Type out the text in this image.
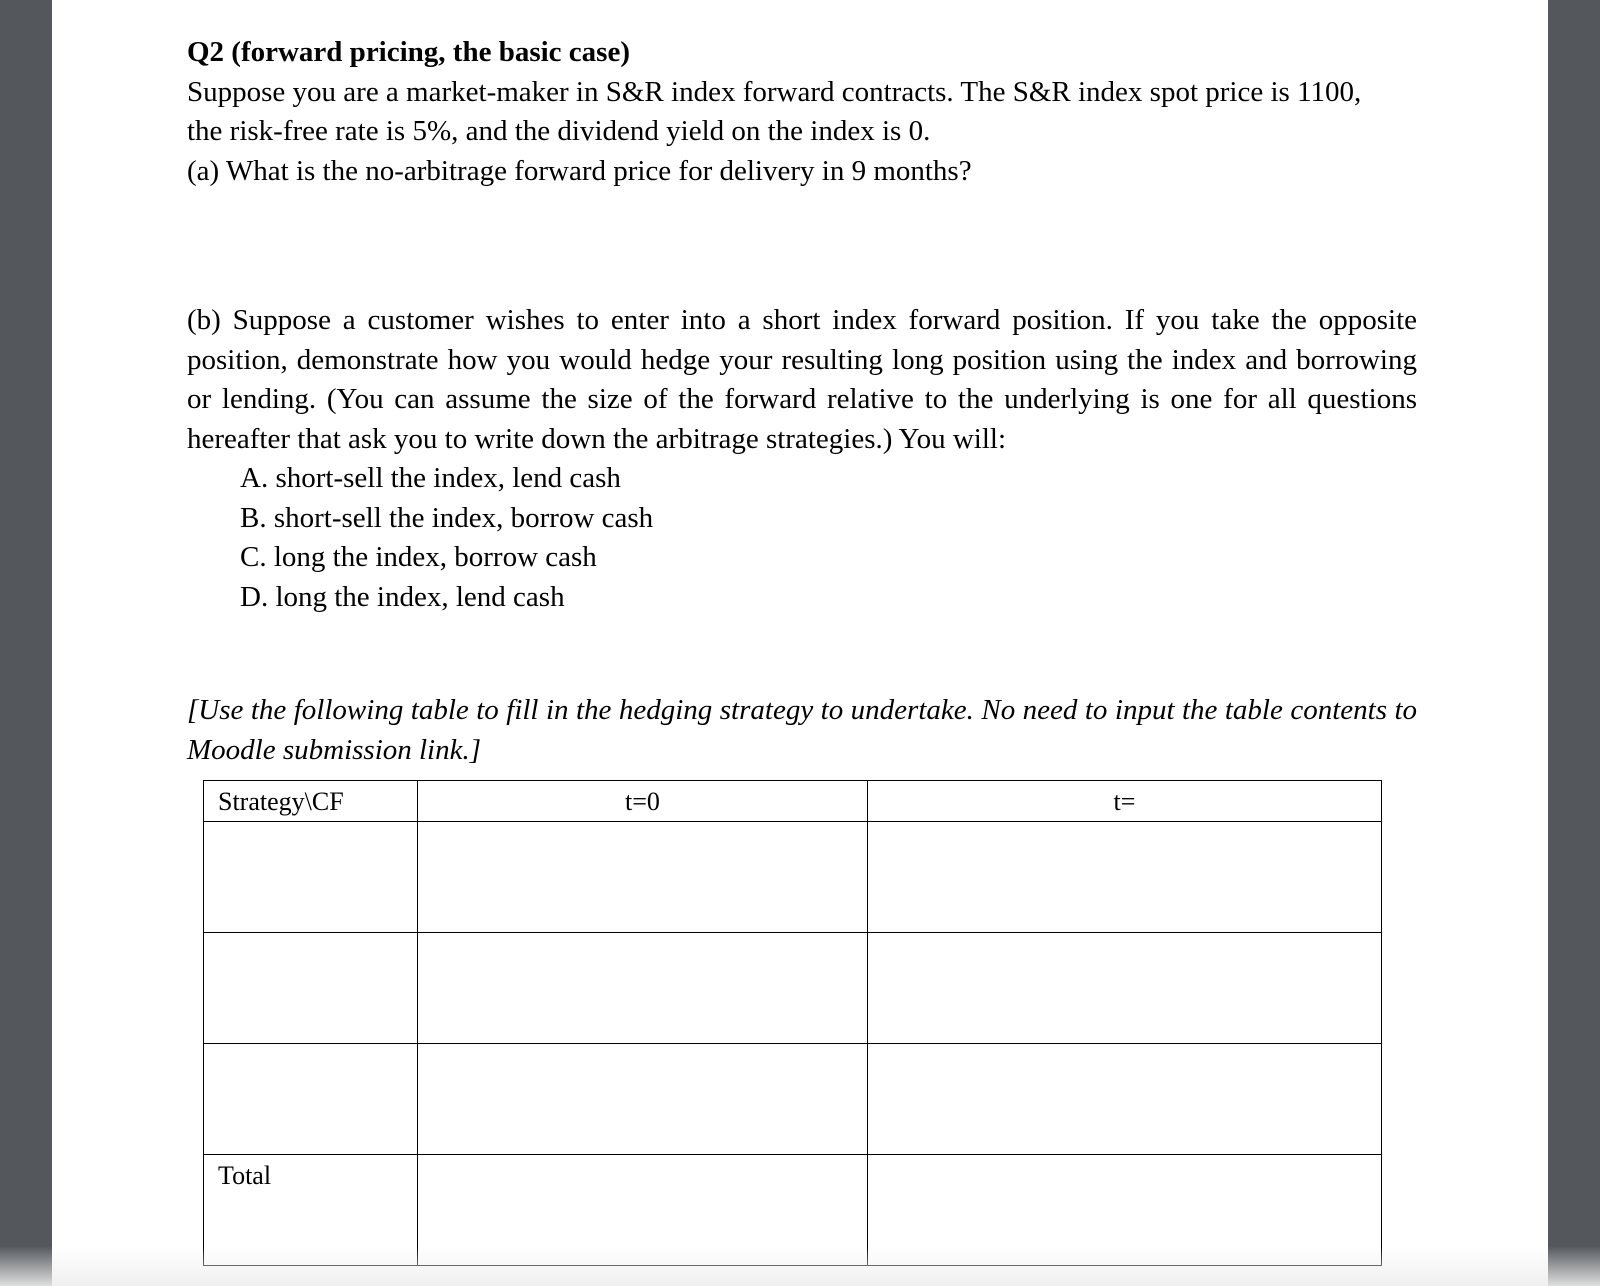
Q2 (forward pricing, the basic case)

Suppose you are a market-maker in S&R index forward contracts. The S&R index spot price is 1100,

the risk-free rate is 5%, and the dividend yield on the index is 0.

(a) What is the no-arbitrage forward price for delivery in 9 months?

(b) Suppose a customer wishes to enter into a short index forward position. If you take the opposite position, demonstrate how you would hedge your resulting long position using the index and borrowing or lending. (You can assume the size of the forward relative to the underlying is one for all questions hereafter that ask you to write down the arbitrage strategies.) You will:

A. short-sell the index, lend cash
B. short-sell the index, borrow cash
C. long the index, borrow cash
D. long the index, lend cash

[Use the following table to fill in the hedging strategy to undertake. No need to input the table contents to Moodle submission link.]

Strategy\CF	t=0	t=

Total		
